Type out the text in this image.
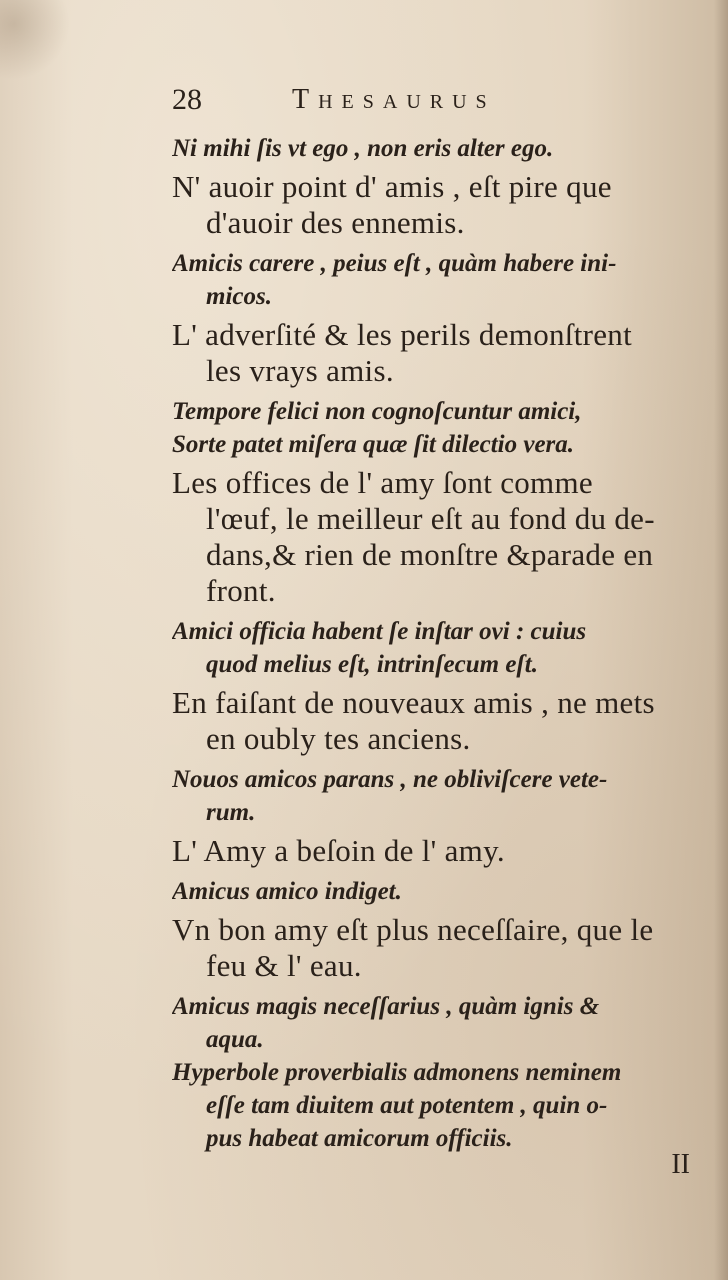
28	Thesaurus
Ni mihi ſis vt ego , non eris alter ego.
N' auoir point d' amis , eſt pire que
d'auoir des ennemis.
Amicis carere , peius eſt , quàm habere ini-
micos.
L' adverſité & les perils demonſtrent
les vrays amis.
Tempore felici non cognoſcuntur amici,
Sorte patet miſera quæ ſit dilectio vera.
Les offices de l' amy ſont comme
l'œuf, le meilleur eſt au fond du de-
dans,& rien de monſtre &parade en
front.
Amici officia habent ſe inſtar ovi : cuius
quod melius eſt, intrinſecum eſt.
En faiſant de nouveaux amis , ne mets
en oubly tes anciens.
Nouos amicos parans , ne obliviſcere vete-
rum.
L' Amy a beſoin de l' amy.
Amicus amico indiget.
Vn bon amy eſt plus neceſſaire, que le
feu & l' eau.
Amicus magis neceſſarius , quàm ignis &
aqua.
Hyperbole proverbialis admonens neminem
eſſe tam diuitem aut potentem , quin o-
pus habeat amicorum officiis.
II
